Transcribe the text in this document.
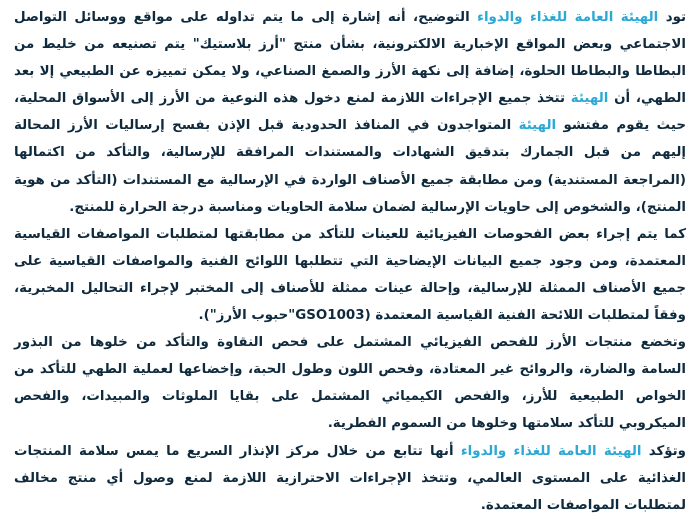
تود الهيئة العامة للغذاء والدواء التوضيح، أنه إشارة إلى ما يتم تداوله على مواقع ووسائل التواصل الاجتماعي وبعض المواقع الإخبارية الالكترونية، بشأن منتج "أرز بلاستيك" يتم تصنيعه من خليط من البطاطا والبطاطا الحلوة، إضافة إلى نكهة الأرز والصمغ الصناعي، ولا يمكن تمييزه عن الطبيعي إلا بعد الطهي، أن الهيئة تتخذ جميع الإجراءات اللازمة لمنع دخول هذه النوعية من الأرز إلى الأسواق المحلية، حيث يقوم مفتشو الهيئة المتواجدون في المنافذ الحدودية قبل الإذن بفسح إرساليات الأرز المحالة إليهم من قبل الجمارك بتدقيق الشهادات والمستندات المرافقة للإرسالية، والتأكد من اكتمالها (المراجعة المستندية) ومن مطابقة جميع الأصناف الواردة في الإرسالية مع المستندات (التأكد من هوية المنتج)، والشخوص إلى حاويات الإرسالية لضمان سلامة الحاويات ومناسبة درجة الحرارة للمنتج.

كما يتم إجراء بعض الفحوصات الفيزيائية للعينات للتأكد من مطابقتها لمتطلبات المواصفات القياسية المعتمدة، ومن وجود جميع البيانات الإيضاحية التي تتطلبها اللوائح الفنية والمواصفات القياسية على جميع الأصناف الممثلة للإرسالية، وإحالة عينات ممثلة للأصناف إلى المختبر لإجراء التحاليل المخبرية، وفقاً لمتطلبات اللائحة الفنية القياسية المعتمدة (GSO1003"حبوب الأرز").

وتخضع منتجات الأرز للفحص الفيزيائي المشتمل على فحص النقاوة والتأكد من خلوها من البذور السامة والضارة، والروائح غير المعتادة، وفحص اللون وطول الحبة، وإخضاعها لعملية الطهي للتأكد من الخواص الطبيعية للأرز، والفحص الكيميائي المشتمل على بقايا الملوثات والمبيدات، والفحص الميكروبي للتأكد سلامتها وخلوها من السموم الفطرية.

وتؤكد الهيئة العامة للغذاء والدواء أنها تتابع من خلال مركز الإنذار السريع ما يمس سلامة المنتجات الغذائية على المستوى العالمي، وتتخذ الإجراءات الاحترازية اللازمة لمنع وصول أي منتج مخالف لمتطلبات المواصفات المعتمدة.
